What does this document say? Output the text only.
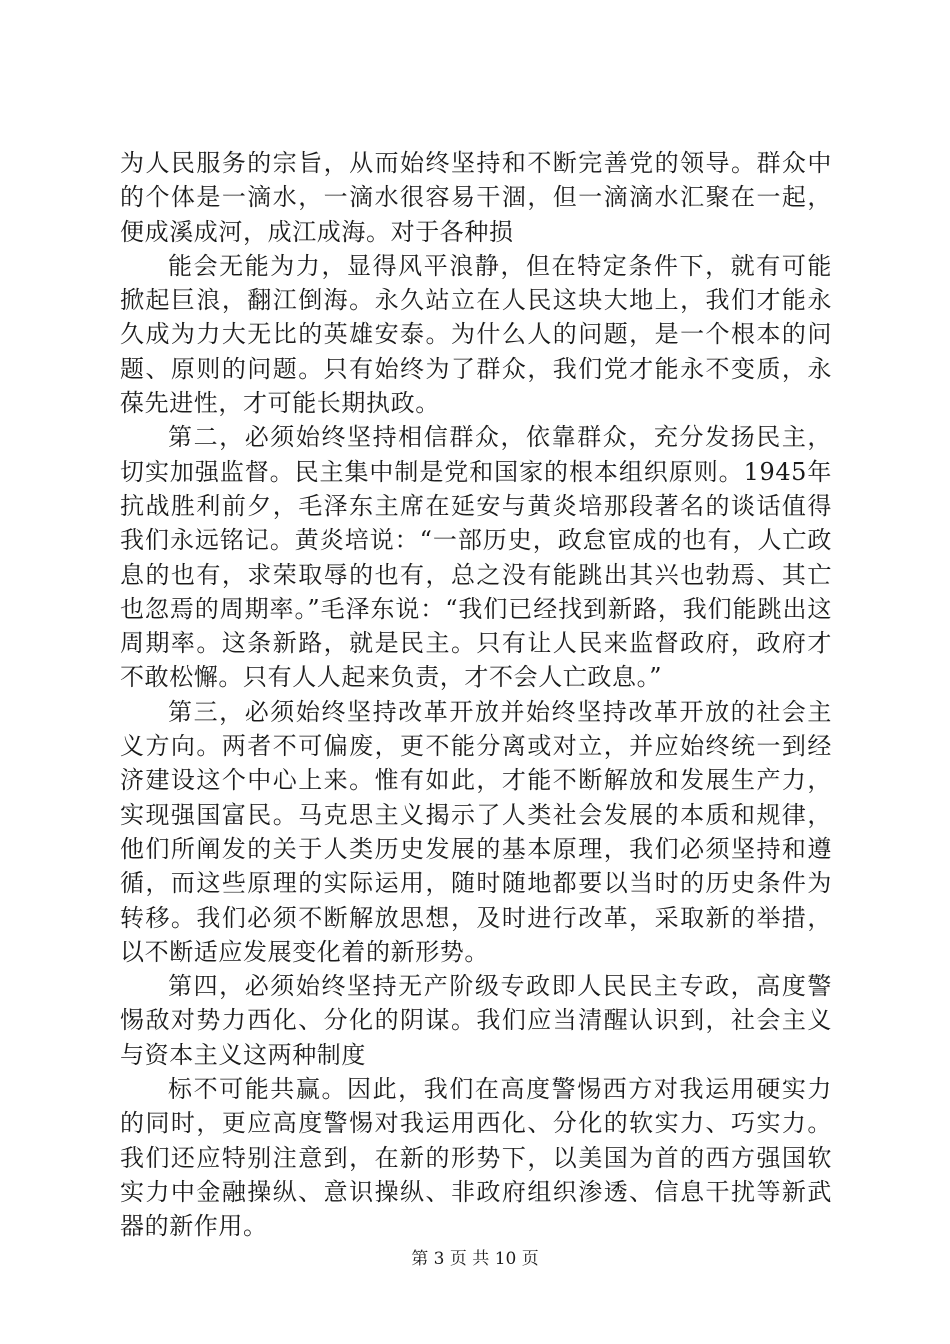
为人民服务的宗旨，从而始终坚持和不断完善党的领导。群众中的个体是一滴水，一滴水很容易干涸，但一滴滴水汇聚在一起，便成溪成河，成江成海。对于各种损

能会无能为力，显得风平浪静，但在特定条件下，就有可能掀起巨浪，翻江倒海。永久站立在人民这块大地上，我们才能永久成为力大无比的英雄安泰。为什么人的问题，是一个根本的问题、原则的问题。只有始终为了群众，我们党才能永不变质，永葆先进性，才可能长期执政。

第二，必须始终坚持相信群众，依靠群众，充分发扬民主，切实加强监督。民主集中制是党和国家的根本组织原则。1945年抗战胜利前夕，毛泽东主席在延安与黄炎培那段著名的谈话值得我们永远铭记。黄炎培说：“一部历史，政怠宦成的也有，人亡政息的也有，求荣取辱的也有，总之没有能跳出其兴也勃焉、其亡也忽焉的周期率。”毛泽东说：“我们已经找到新路，我们能跳出这周期率。这条新路，就是民主。只有让人民来监督政府，政府才不敢松懈。只有人人起来负责，才不会人亡政息。”

第三，必须始终坚持改革开放并始终坚持改革开放的社会主义方向。两者不可偏废，更不能分离或对立，并应始终统一到经济建设这个中心上来。惟有如此，才能不断解放和发展生产力，实现强国富民。马克思主义揭示了人类社会发展的本质和规律，他们所阐发的关于人类历史发展的基本原理，我们必须坚持和遵循，而这些原理的实际运用，随时随地都要以当时的历史条件为转移。我们必须不断解放思想，及时进行改革，采取新的举措，以不断适应发展变化着的新形势。

第四，必须始终坚持无产阶级专政即人民民主专政，高度警惕敌对势力西化、分化的阴谋。我们应当清醒认识到，社会主义与资本主义这两种制度

标不可能共赢。因此，我们在高度警惕西方对我运用硬实力的同时，更应高度警惕对我运用西化、分化的软实力、巧实力。我们还应特别注意到，在新的形势下，以美国为首的西方强国软实力中金融操纵、意识操纵、非政府组织渗透、信息干扰等新武器的新作用。

第 3 页 共 10 页
